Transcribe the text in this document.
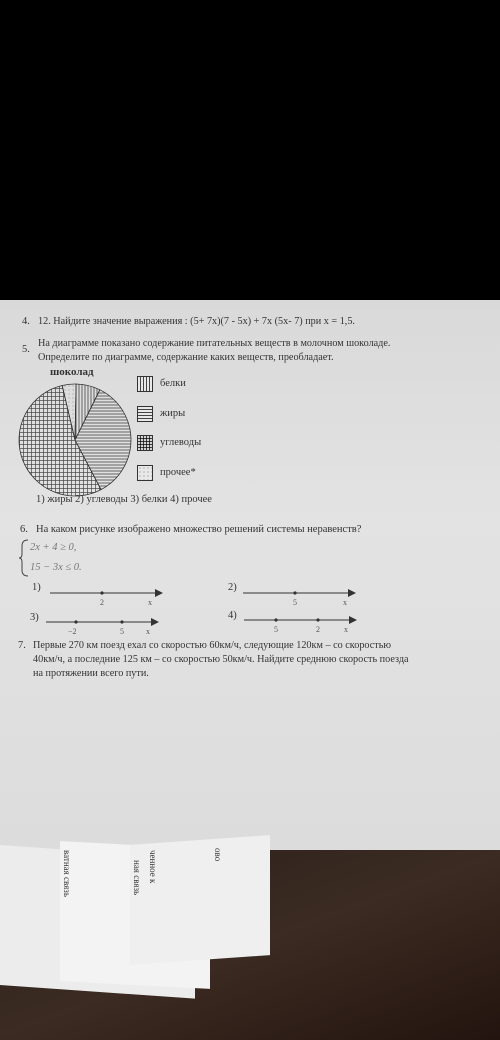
4. 12. Найдите значение выражения : (5+ 7x)(7 - 5x) + 7x (5x- 7) при x = 1,5.
5.
На диаграмме показано содержание питательных веществ в молочном шоколаде.
Определите по диаграмме, содержание каких веществ, преобладает.
шоколад
белки
жиры
углеводы
прочее*
1) жиры 2) углеводы 3) белки 4) прочее
6. На каком рисунке изображено множество решений системы неравенств?
2x + 4 ≥ 0,
15 − 3x ≤ 0.
1)
2	x
2)
5	x
3)
−2	5	x
4)
5	2	x
7. Первые 270 км поезд ехал со скоростью 60км/ч, следующие 120км – со скоростью
40км/ч, а последние 125 км – со скоростью 50км/ч. Найдите среднюю скорость поезда
на протяжении всего пути.
ватная связь	ченное к
ная связь
ово
